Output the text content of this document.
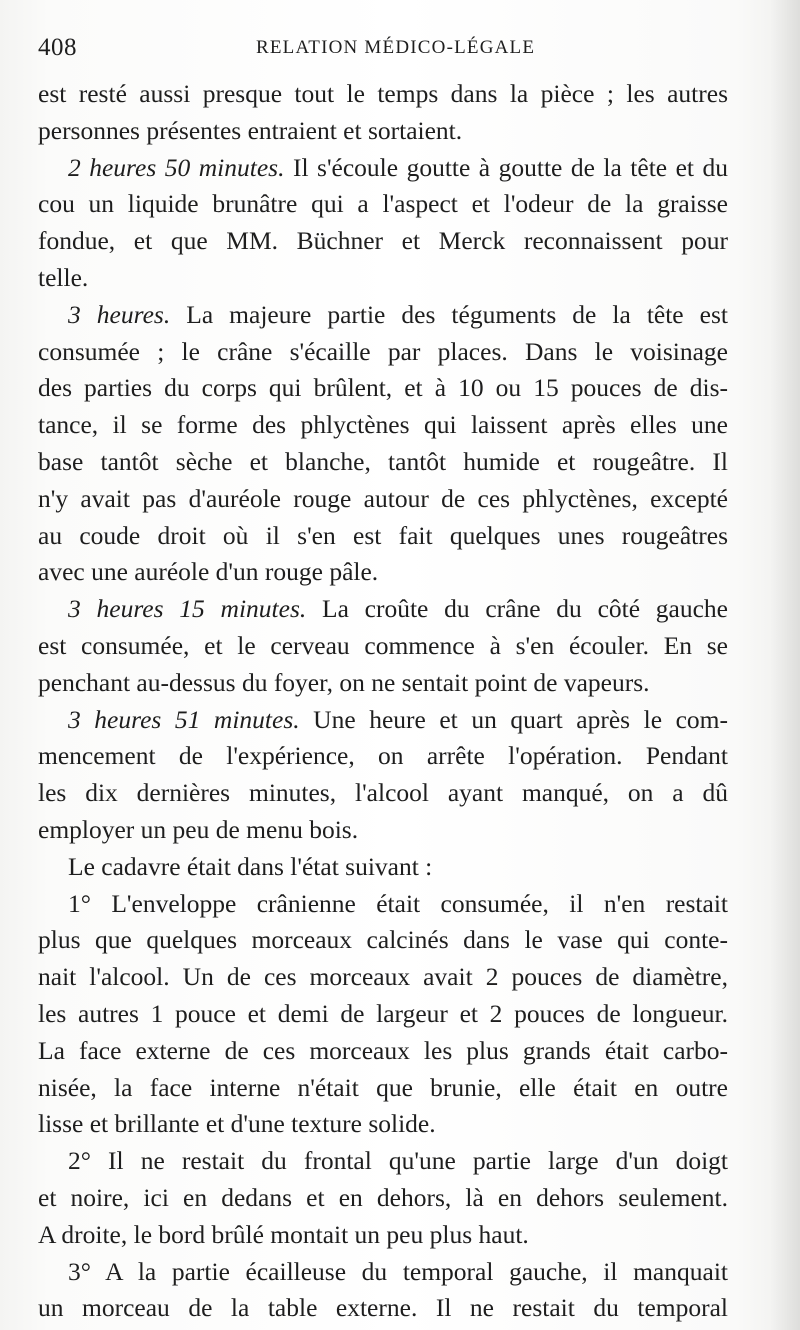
408	RELATION MÉDICO-LÉGALE
est resté aussi presque tout le temps dans la pièce ; les autres
personnes présentes entraient et sortaient.
2 heures 50 minutes. Il s'écoule goutte à goutte de la tête et du
cou un liquide brunâtre qui a l'aspect et l'odeur de la graisse
fondue, et que MM. Büchner et Merck reconnaissent pour
telle.
3 heures. La majeure partie des téguments de la tête est
consumée ; le crâne s'écaille par places. Dans le voisinage
des parties du corps qui brûlent, et à 10 ou 15 pouces de dis-
tance, il se forme des phlyctènes qui laissent après elles une
base tantôt sèche et blanche, tantôt humide et rougeâtre. Il
n'y avait pas d'auréole rouge autour de ces phlyctènes, excepté
au coude droit où il s'en est fait quelques unes rougeâtres
avec une auréole d'un rouge pâle.
3 heures 15 minutes. La croûte du crâne du côté gauche
est consumée, et le cerveau commence à s'en écouler. En se
penchant au-dessus du foyer, on ne sentait point de vapeurs.
3 heures 51 minutes. Une heure et un quart après le com-
mencement de l'expérience, on arrête l'opération. Pendant
les dix dernières minutes, l'alcool ayant manqué, on a dû
employer un peu de menu bois.
Le cadavre était dans l'état suivant :
1° L'enveloppe crânienne était consumée, il n'en restait
plus que quelques morceaux calcinés dans le vase qui conte-
nait l'alcool. Un de ces morceaux avait 2 pouces de diamètre,
les autres 1 pouce et demi de largeur et 2 pouces de longueur.
La face externe de ces morceaux les plus grands était carbo-
nisée, la face interne n'était que brunie, elle était en outre
lisse et brillante et d'une texture solide.
2° Il ne restait du frontal qu'une partie large d'un doigt
et noire, ici en dedans et en dehors, là en dehors seulement.
A droite, le bord brûlé montait un peu plus haut.
3° A la partie écailleuse du temporal gauche, il manquait
un morceau de la table externe. Il ne restait du temporal
